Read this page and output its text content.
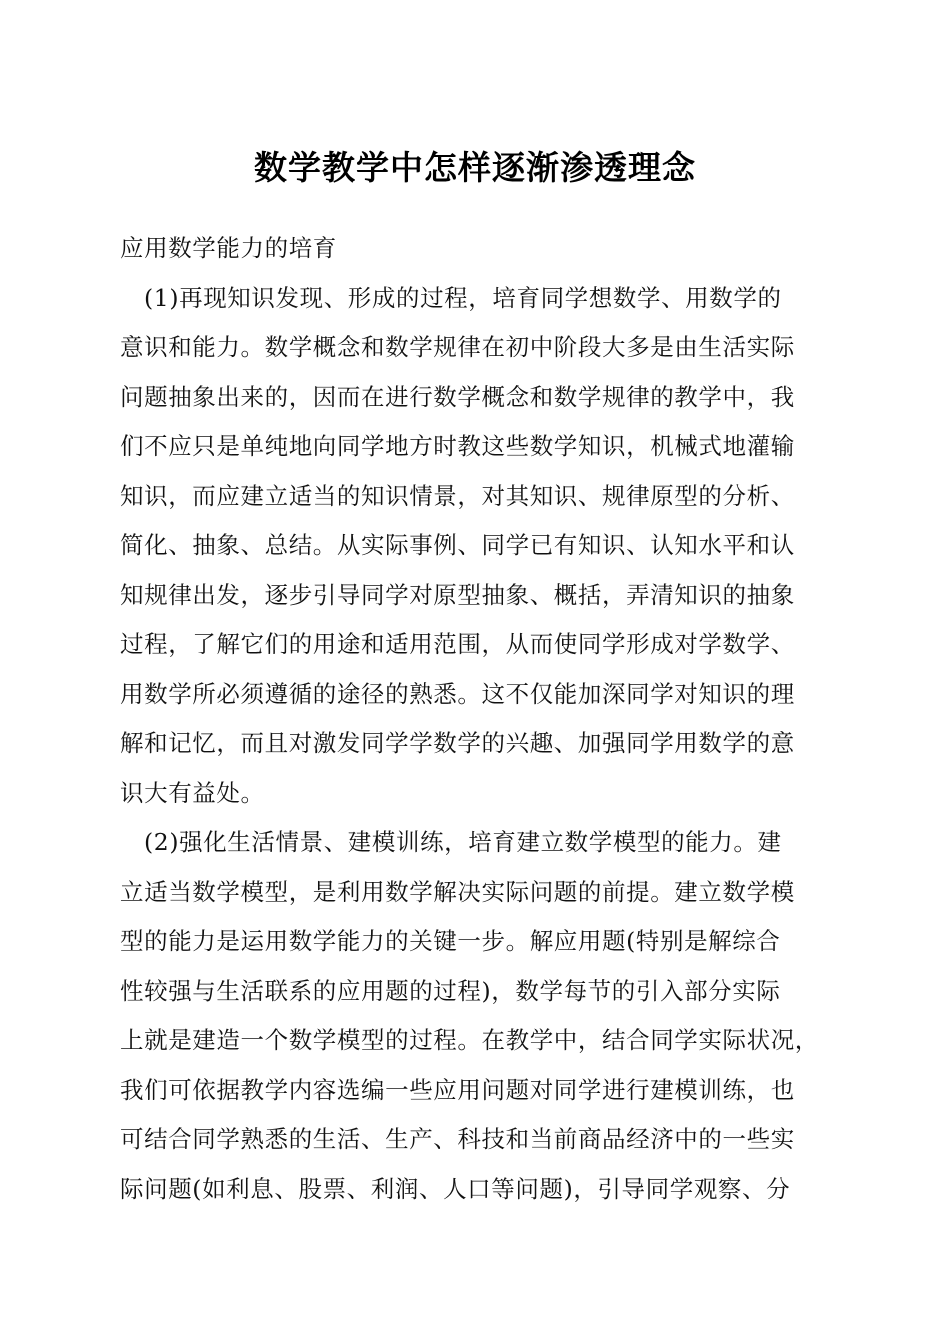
数学教学中怎样逐渐渗透理念
应用数学能力的培育
(1)再现知识发现、形成的过程，培育同学想数学、用数学的
意识和能力。数学概念和数学规律在初中阶段大多是由生活实际
问题抽象出来的，因而在进行数学概念和数学规律的教学中，我
们不应只是单纯地向同学地方时教这些数学知识，机械式地灌输
知识，而应建立适当的知识情景，对其知识、规律原型的分析、
简化、抽象、总结。从实际事例、同学已有知识、认知水平和认
知规律出发，逐步引导同学对原型抽象、概括，弄清知识的抽象
过程，了解它们的用途和适用范围，从而使同学形成对学数学、
用数学所必须遵循的途径的熟悉。这不仅能加深同学对知识的理
解和记忆，而且对激发同学学数学的兴趣、加强同学用数学的意
识大有益处。
(2)强化生活情景、建模训练，培育建立数学模型的能力。建
立适当数学模型，是利用数学解决实际问题的前提。建立数学模
型的能力是运用数学能力的关键一步。解应用题(特别是解综合
性较强与生活联系的应用题的过程)，数学每节的引入部分实际
上就是建造一个数学模型的过程。在教学中，结合同学实际状况，
我们可依据教学内容选编一些应用问题对同学进行建模训练，也
可结合同学熟悉的生活、生产、科技和当前商品经济中的一些实
际问题(如利息、股票、利润、人口等问题)，引导同学观察、分
